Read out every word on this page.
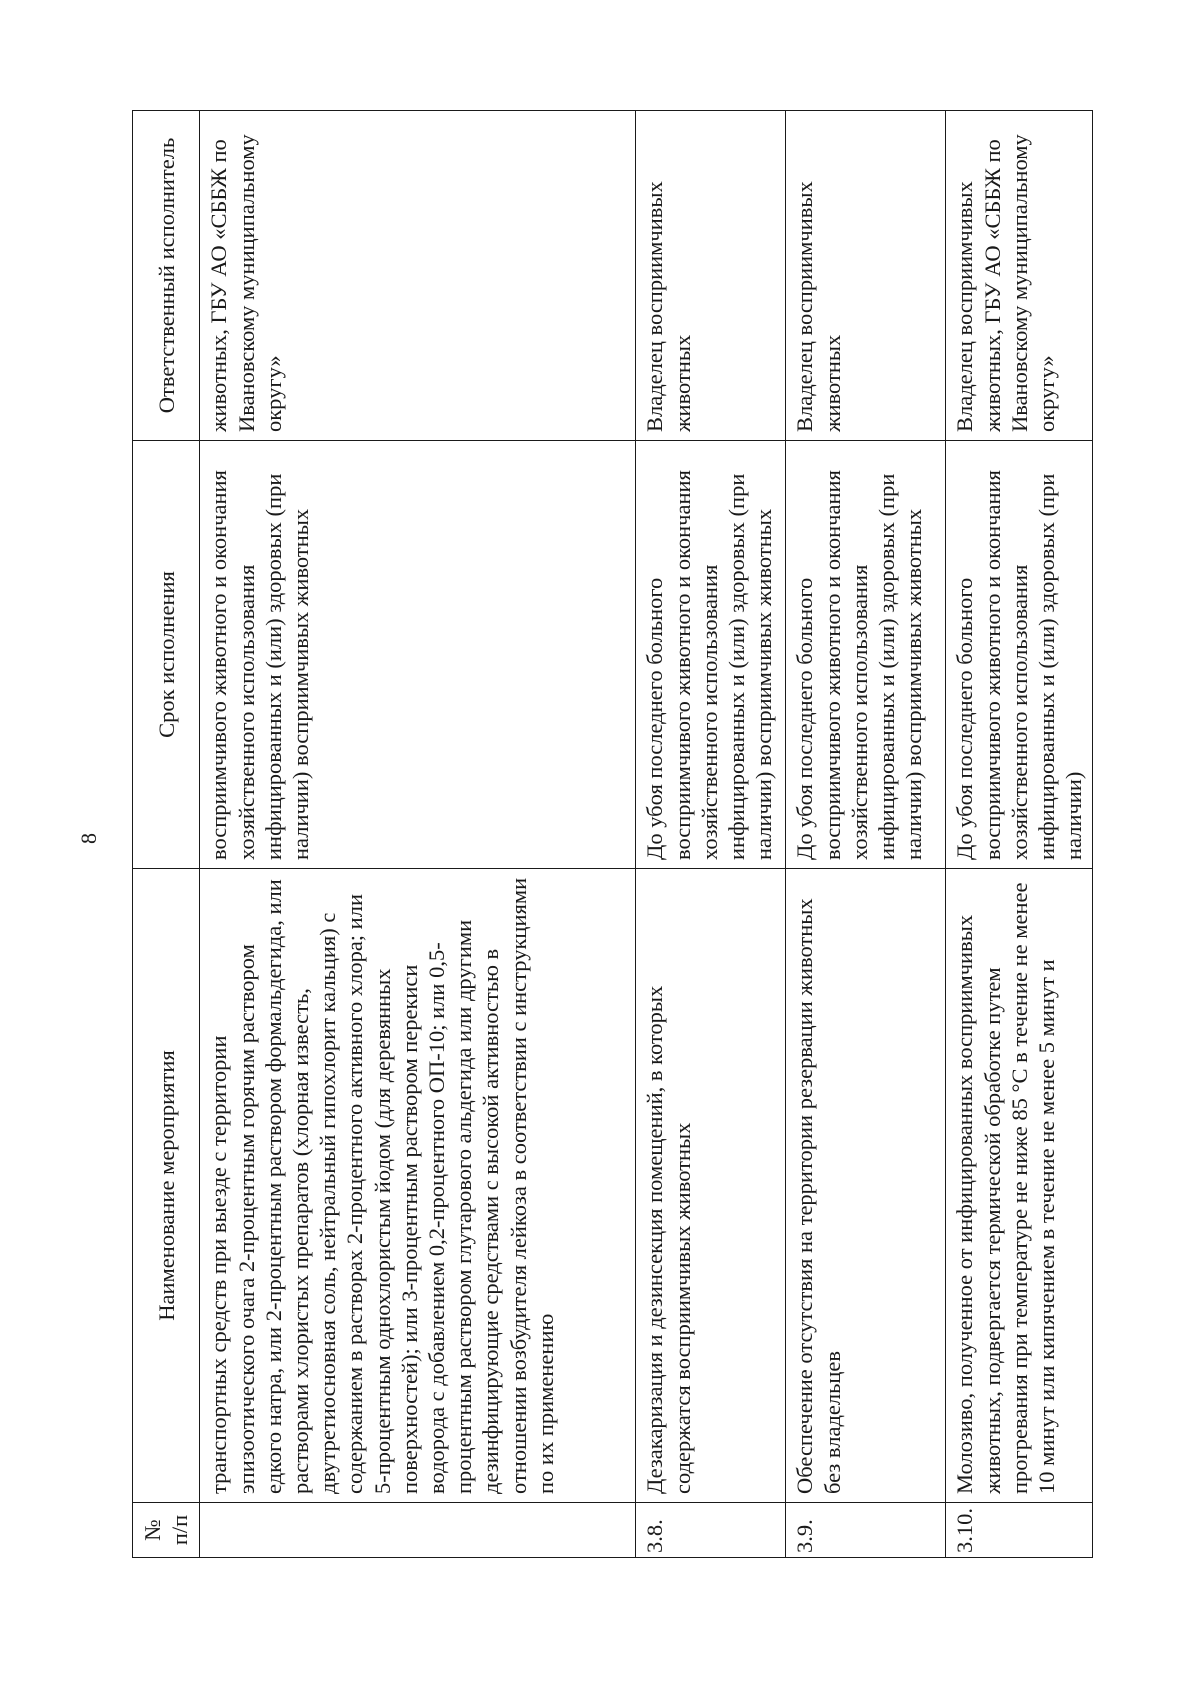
8
№ п/п	Наименование мероприятия	Срок исполнения	Ответственный исполнитель
	транспортных средств при выезде с территории эпизоотического очага 2-процентным горячим раствором едкого натра, или 2-процентным раствором формальдегида, или растворами хлористых препаратов (хлорная известь, двутретиосновная соль, нейтральный гипохлорит кальция) с содержанием в растворах 2-процентного активного хлора; или 5-процентным однохлористым йодом (для деревянных поверхностей); или 3-процентным раствором перекиси водорода с добавлением 0,2-процентного ОП-10; или 0,5-процентным раствором глутарового альдегида или другими дезинфицирующие средствами с высокой активностью в отношении возбудителя лейкоза в соответствии с инструкциями по их применению	восприимчивого животного и окончания хозяйственного использования инфицированных и (или) здоровых (при наличии) восприимчивых животных	животных, ГБУ АО «СББЖ по Ивановскому муниципальному округу»
3.8.	Дезакаризация и дезинсекция помещений, в которых содержатся восприимчивых животных	До убоя последнего больного восприимчивого животного и окончания хозяйственного использования инфицированных и (или) здоровых (при наличии) восприимчивых животных	Владелец восприимчивых животных
3.9.	Обеспечение отсутствия на территории резервации животных без владельцев	До убоя последнего больного восприимчивого животного и окончания хозяйственного использования инфицированных и (или) здоровых (при наличии) восприимчивых животных	Владелец восприимчивых животных
3.10.	Молозиво, полученное от инфицированных восприимчивых животных, подвергается термической обработке путем прогревания при температуре не ниже 85 °С в течение не менее 10 минут или кипячением в течение не менее 5 минут и	До убоя последнего больного восприимчивого животного и окончания хозяйственного использования инфицированных и (или) здоровых (при наличии)	Владелец восприимчивых животных, ГБУ АО «СББЖ по Ивановскому муниципальному округу»
